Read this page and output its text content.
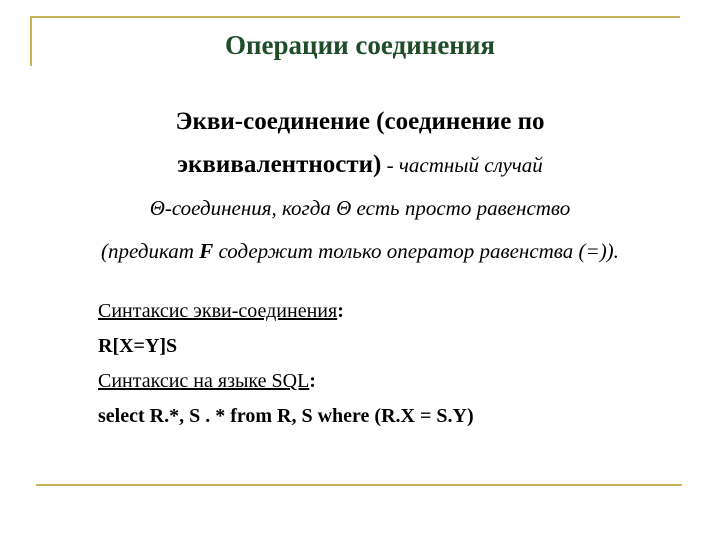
Операции соединения
Экви-соединение (соединение по
эквивалентности) - частный случай
Θ-соединения, когда Θ есть просто равенство
(предикат F содержит только оператор равенства (=)).
Синтаксис экви-соединения:
R[X=Y]S
Синтаксис на языке SQL:
select R.*, S . * from R, S where (R.X = S.Y)
